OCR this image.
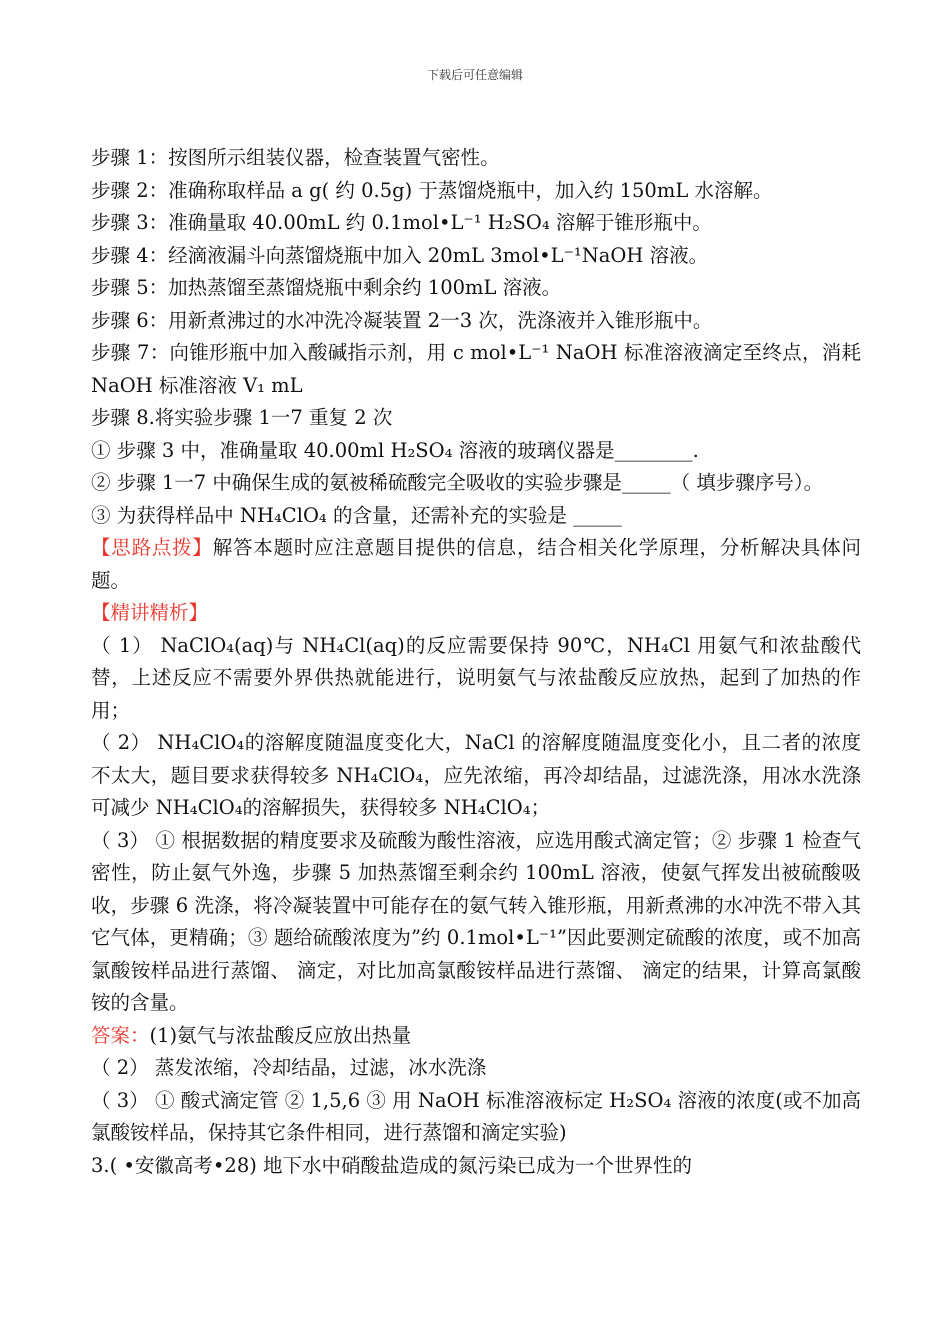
下载后可任意编辑
步骤 1：按图所示组装仪器，检查装置气密性。
步骤 2：准确称取样品 a g( 约 0.5g) 于蒸馏烧瓶中，加入约 150mL 水溶解。
步骤 3：准确量取 40.00mL 约 0.1mol•L⁻¹ H₂SO₄ 溶解于锥形瓶中。
步骤 4：经滴液漏斗向蒸馏烧瓶中加入 20mL 3mol•L⁻¹NaOH 溶液。
步骤 5：加热蒸馏至蒸馏烧瓶中剩余约 100mL 溶液。
步骤 6：用新煮沸过的水冲洗冷凝装置 2一3 次，洗涤液并入锥形瓶中。
步骤 7：向锥形瓶中加入酸碱指示剂，用 c mol•L⁻¹ NaOH 标准溶液滴定至终点，消耗 NaOH 标准溶液 V₁ mL
步骤 8.将实验步骤 1一7 重复 2 次
① 步骤 3 中，准确量取 40.00ml H₂SO₄ 溶液的玻璃仪器是________.
② 步骤 1一7 中确保生成的氨被稀硫酸完全吸收的实验步骤是_____（ 填步骤序号）。
③ 为获得样品中 NH₄ClO₄ 的含量，还需补充的实验是 _____
【思路点拨】解答本题时应注意题目提供的信息，结合相关化学原理，分析解决具体问题。
【精讲精析】
（ 1） NaClO₄(aq)与 NH₄Cl(aq)的反应需要保持 90℃，NH₄Cl 用氨气和浓盐酸代替，上述反应不需要外界供热就能进行，说明氨气与浓盐酸反应放热，起到了加热的作用；
（ 2） NH₄ClO₄的溶解度随温度变化大，NaCl 的溶解度随温度变化小，且二者的浓度不太大，题目要求获得较多 NH₄ClO₄，应先浓缩，再冷却结晶，过滤洗涤，用冰水洗涤可减少 NH₄ClO₄的溶解损失，获得较多 NH₄ClO₄；
（ 3） ① 根据数据的精度要求及硫酸为酸性溶液，应选用酸式滴定管；② 步骤 1 检查气密性，防止氨气外逸，步骤 5 加热蒸馏至剩余约 100mL 溶液，使氨气挥发出被硫酸吸收，步骤 6 洗涤，将冷凝装置中可能存在的氨气转入锥形瓶，用新煮沸的水冲洗不带入其它气体，更精确；③ 题给硫酸浓度为”约 0.1mol•L⁻¹”因此要测定硫酸的浓度，或不加高氯酸铵样品进行蒸馏、 滴定，对比加高氯酸铵样品进行蒸馏、 滴定的结果，计算高氯酸铵的含量。
答案：(1)氨气与浓盐酸反应放出热量
（ 2） 蒸发浓缩，冷却结晶，过滤，冰水洗涤
（ 3） ① 酸式滴定管 ② 1,5,6 ③ 用 NaOH 标准溶液标定 H₂SO₄ 溶液的浓度(或不加高氯酸铵样品，保持其它条件相同，进行蒸馏和滴定实验)
3.( •安徽高考•28) 地下水中硝酸盐造成的氮污染已成为一个世界性的
